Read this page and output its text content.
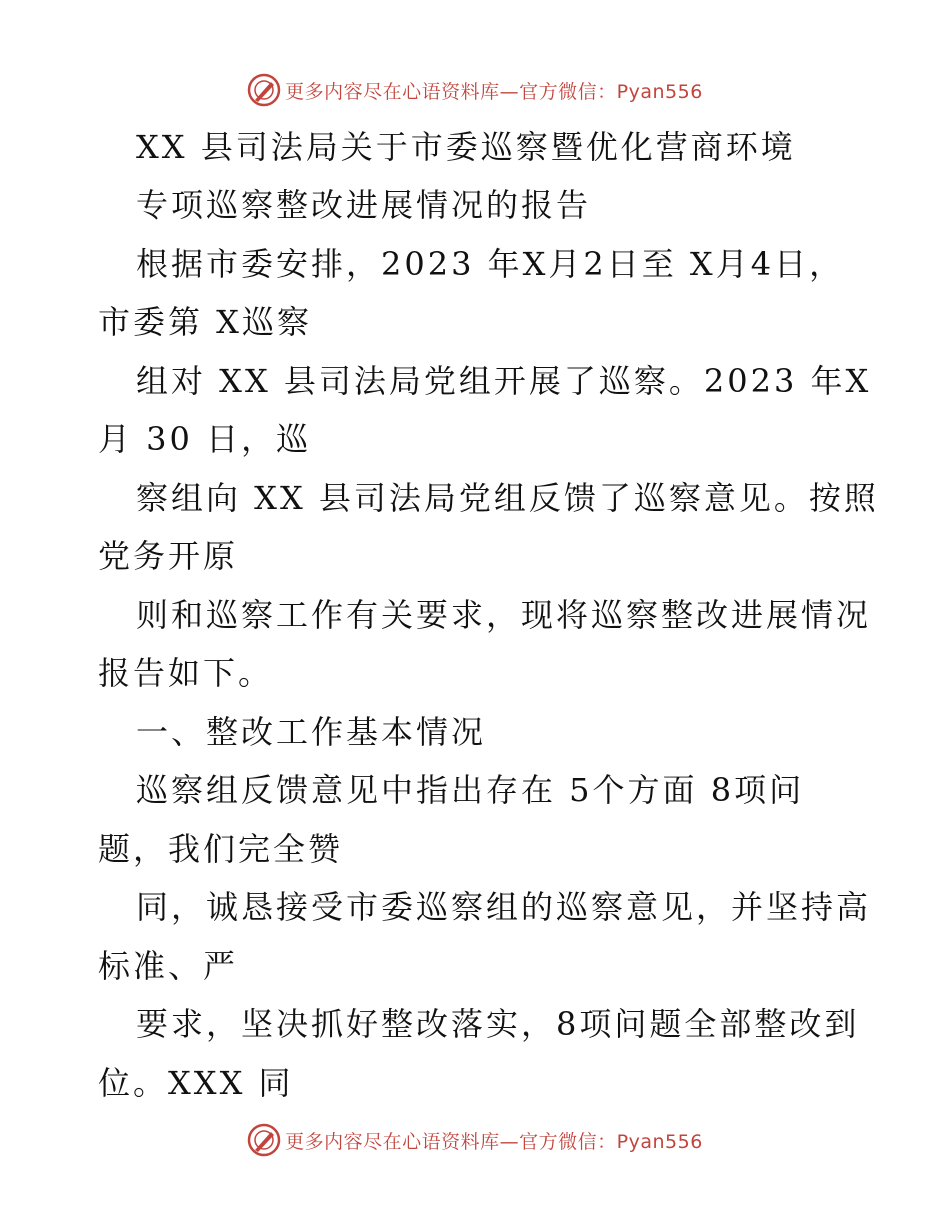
更多内容尽在心语资料库—官方微信：Pyan556
XX 县司法局关于市委巡察暨优化营商环境
专项巡察整改进展情况的报告
根据市委安排，2023 年X月2日至 X月4日，
市委第 X巡察
组对 XX 县司法局党组开展了巡察。2023 年X
月 30 日，巡
察组向 XX 县司法局党组反馈了巡察意见。按照
党务开原
则和巡察工作有关要求，现将巡察整改进展情况
报告如下。
一、整改工作基本情况
巡察组反馈意见中指出存在 5个方面 8项问
题，我们完全赞
同，诚恳接受市委巡察组的巡察意见，并坚持高
标准、严
要求，坚决抓好整改落实，8项问题全部整改到
位。XXX 同
更多内容尽在心语资料库—官方微信：Pyan556
